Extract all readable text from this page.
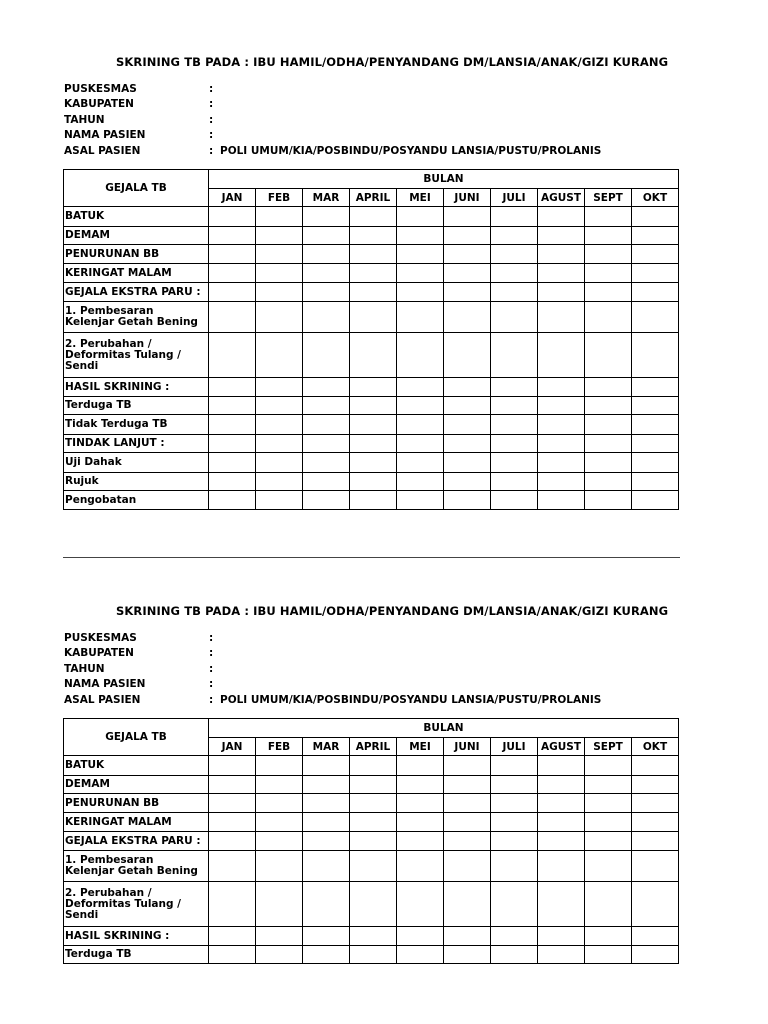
SKRINING TB PADA : IBU HAMIL/ODHA/PENYANDANG DM/LANSIA/ANAK/GIZI KURANG
PUSKESMAS	:
KABUPATEN	:
TAHUN	:
NAMA PASIEN	:
ASAL PASIEN	: POLI UMUM/KIA/POSBINDU/POSYANDU LANSIA/PUSTU/PROLANIS
GEJALA TB	BULAN									
	JAN	FEB	MAR	APRIL	MEI	JUNI	JULI	AGUST	SEPT	OKT
BATUK										
DEMAM										
PENURUNAN BB										
KERINGAT MALAM										
GEJALA EKSTRA PARU :										
1. Pembesaran Kelenjar Getah Bening										
2. Perubahan / Deformitas Tulang / Sendi										
HASIL SKRINING :										
Terduga TB										
Tidak Terduga TB										
TINDAK LANJUT :										
Uji Dahak										
Rujuk										
Pengobatan										
SKRINING TB PADA : IBU HAMIL/ODHA/PENYANDANG DM/LANSIA/ANAK/GIZI KURANG
PUSKESMAS	:
KABUPATEN	:
TAHUN	:
NAMA PASIEN	:
ASAL PASIEN	: POLI UMUM/KIA/POSBINDU/POSYANDU LANSIA/PUSTU/PROLANIS
GEJALA TB	BULAN									
	JAN	FEB	MAR	APRIL	MEI	JUNI	JULI	AGUST	SEPT	OKT
BATUK										
DEMAM										
PENURUNAN BB										
KERINGAT MALAM										
GEJALA EKSTRA PARU :										
1. Pembesaran Kelenjar Getah Bening										
2. Perubahan / Deformitas Tulang / Sendi										
HASIL SKRINING :										
Terduga TB										
